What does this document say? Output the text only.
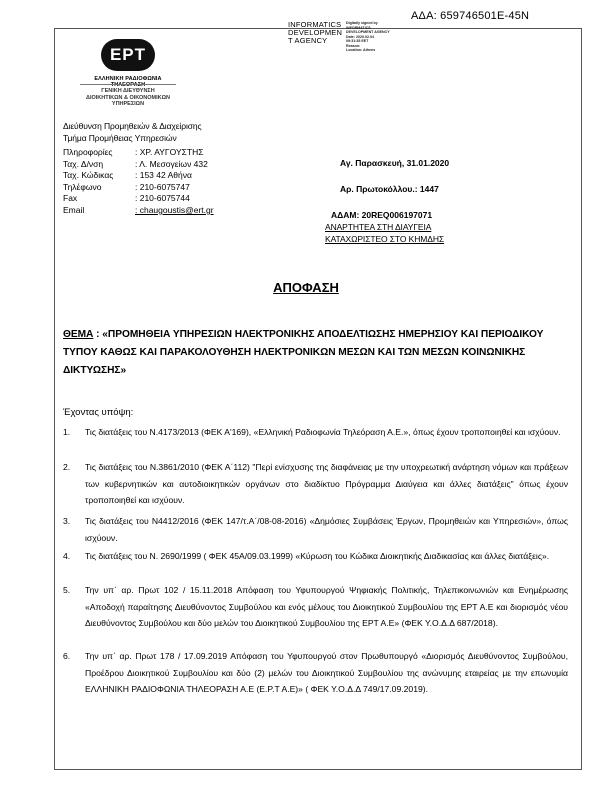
ΑΔΑ: 659746501Ε-45Ν
ΕΡΤ
ΕΛΛΗΝΙΚΗ ΡΑΔΙΟΦΩΝΙΑ ΤΗΛΕΟΡΑΣΗ
ΓΕΝΙΚΗ ΔΙΕΥΘΥΝΣΗ
ΔΙΟΙΚΗΤΙΚΩΝ & ΟΙΚΟΝΟΜΙΚΩΝ ΥΠΗΡΕΣΙΩΝ
INFORMATICS
DEVELOPMEN
T AGENCY
Digitally signed by
INFORMATICS
DEVELOPMENT AGENCY
Date: 2020.02.04
09:31:35 EET
Reason:
Location: Athens
Διεύθυνση Προμηθειών & Διαχείρισης
Τμήμα Προμήθειας Υπηρεσιών
Πληροφορίες	: ΧΡ. ΑΥΓΟΥΣΤΗΣ
Ταχ. Δ/νση	: Λ. Μεσογείων 432
Ταχ. Κώδικας	: 153 42 Αθήνα
Τηλέφωνο	: 210-6075747
Fax	: 210-6075744
Email	: chaugoustis@ert.gr
Αγ. Παρασκευή, 31.01.2020
Αρ. Πρωτοκόλλου.: 1447
ΑΔΑΜ: 20REQ006197071
ΑΝΑΡΤΗΤΕΑ ΣΤΗ ΔΙΑΥΓΕΙΑ
ΚΑΤΑΧΩΡΙΣΤΕΟ ΣΤΟ ΚΗΜΔΗΣ
ΑΠΟΦΑΣΗ
ΘΕΜΑ : «ΠΡΟΜΗΘΕΙΑ ΥΠΗΡΕΣΙΩΝ ΗΛΕΚΤΡΟΝΙΚΗΣ ΑΠΟΔΕΛΤΙΩΣΗΣ ΗΜΕΡΗΣΙΟΥ ΚΑΙ ΠΕΡΙΟΔΙΚΟΥ ΤΥΠΟΥ ΚΑΘΩΣ ΚΑΙ ΠΑΡΑΚΟΛΟΥΘΗΣΗ ΗΛΕΚΤΡΟΝΙΚΩΝ ΜΕΣΩΝ ΚΑΙ ΤΩΝ ΜΕΣΩΝ ΚΟΙΝΩΝΙΚΗΣ ΔΙΚΤΥΩΣΗΣ»
Έχοντας υπόψη:
1. Τις διατάξεις του Ν.4173/2013 (ΦΕΚ Α'169), «Ελληνική Ραδιοφωνία Τηλεόραση Α.Ε.», όπως έχουν τροποποιηθεί και ισχύουν.
2. Τις διατάξεις του Ν.3861/2010 (ΦΕΚ Α΄112) "Περί ενίσχυσης της διαφάνειας με την υποχρεωτική ανάρτηση νόμων και πράξεων των κυβερνητικών και αυτοδιοικητικών οργάνων στο διαδίκτυο Πρόγραμμα Διαύγεια και άλλες διατάξεις" όπως έχουν τροποποιηθεί και ισχύουν.
3. Τις διατάξεις του Ν4412/2016 (ΦΕΚ 147/τ.Α΄/08-08-2016) «Δημόσιες Συμβάσεις Έργων, Προμηθειών και Υπηρεσιών», όπως ισχύουν.
4. Τις διατάξεις του Ν. 2690/1999 ( ΦΕΚ 45Α/09.03.1999) «Κύρωση του Κώδικα Διοικητικής Διαδικασίας και άλλες διατάξεις».
5. Την υπ΄ αρ. Πρωτ 102 / 15.11.2018 Απόφαση του Υφυπουργού Ψηφιακής Πολιτικής, Τηλεπικοινωνιών και Ενημέρωσης «Αποδοχή παραίτησης Διευθύνοντος Συμβούλου και ενός μέλους του Διοικητικού Συμβουλίου της ΕΡΤ Α.Ε και διορισμός νέου Διευθύνοντος Συμβούλου και δύο μελών του Διοικητικού Συμβουλίου της ΕΡΤ Α.Ε» (ΦΕΚ Υ.Ο.Δ.Δ 687/2018).
6. Την υπ΄ αρ. Πρωτ 178 / 17.09.2019 Απόφαση του Υφυπουργού στον Πρωθυπουργό «Διορισμός Διευθύνοντος Συμβούλου, Προέδρου Διοικητικού Συμβουλίου και δύο (2) μελών του Διοικητικού Συμβουλίου της ανώνυμης εταιρείας με την επωνυμία ΕΛΛΗΝΙΚΗ ΡΑΔΙΟΦΩΝΙΑ ΤΗΛΕΟΡΑΣΗ Α.Ε (Ε.Ρ.Τ Α.Ε)» ( ΦΕΚ Υ.Ο.Δ.Δ 749/17.09.2019).
